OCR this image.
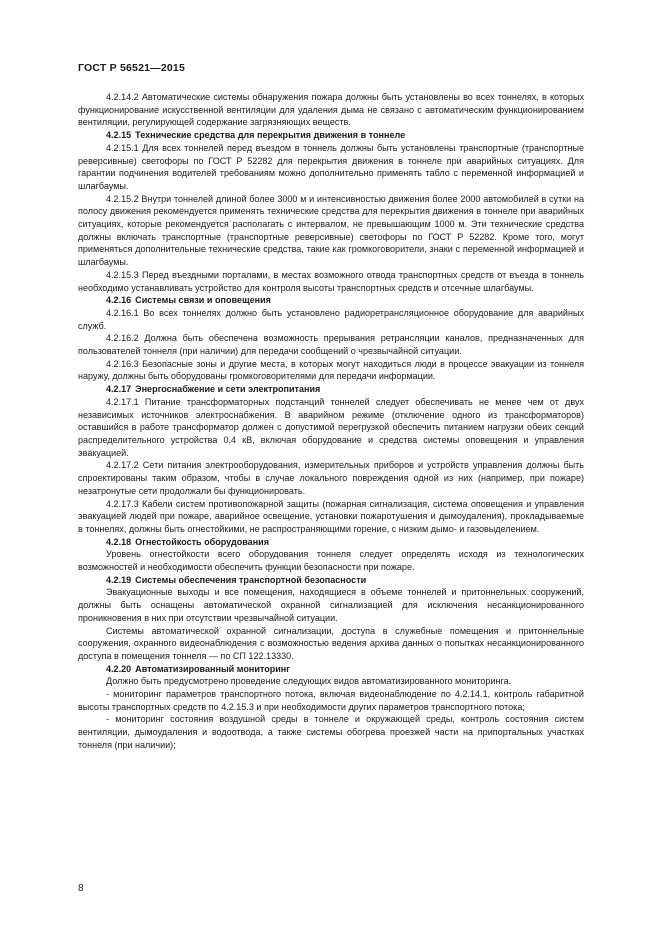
ГОСТ Р 56521—2015
4.2.14.2 Автоматические системы обнаружения пожара должны быть установлены во всех тоннелях, в которых функционирование искусственной вентиляции для удаления дыма не связано с автоматическим функционированием вентиляции, регулирующей содержание загрязняющих веществ.
4.2.15 Технические средства для перекрытия движения в тоннеле
4.2.15.1 Для всех тоннелей перед въездом в тоннель должны быть установлены транспортные (транспортные реверсивные) светофоры по ГОСТ Р 52282 для перекрытия движения в тоннеле при аварийных ситуациях. Для гарантии подчинения водителей требованиям можно дополнительно применять табло с переменной информацией и шлагбаумы.
4.2.15.2 Внутри тоннелей длиной более 3000 м и интенсивностью движения более 2000 автомобилей в сутки на полосу движения рекомендуется применять технические средства для перекрытия движения в тоннеле при аварийных ситуациях, которые рекомендуется располагать с интервалом, не превышающим 1000 м. Эти технические средства должны включать транспортные (транспортные реверсивные) светофоры по ГОСТ Р 52282. Кроме того, могут применяться дополнительные технические средства, такие как громкоговорители, знаки с переменной информацией и шлагбаумы.
4.2.15.3 Перед въездными порталами, в местах возможного отвода транспортных средств от въезда в тоннель необходимо устанавливать устройство для контроля высоты транспортных средств и отсечные шлагбаумы.
4.2.16 Системы связи и оповещения
4.2.16.1 Во всех тоннелях должно быть установлено радиоретрансляционное оборудование для аварийных служб.
4.2.16.2 Должна быть обеспечена возможность прерывания ретрансляции каналов, предназначенных для пользователей тоннеля (при наличии) для передачи сообщений о чрезвычайной ситуации.
4.2.16.3 Безопасные зоны и другие места, в которых могут находиться люди в процессе эвакуации из тоннеля наружу, должны быть оборудованы громкоговорителями для передачи информации.
4.2.17 Энергоснабжение и сети электропитания
4.2.17.1 Питание трансформаторных подстанций тоннелей следует обеспечивать не менее чем от двух независимых источников электроснабжения. В аварийном режиме (отключение одного из трансформаторов) оставшийся в работе трансформатор должен с допустимой перегрузкой обеспечить питанием нагрузки обеих секций распределительного устройства 0,4 кВ, включая оборудование и средства системы оповещения и управления эвакуацией.
4.2.17.2 Сети питания электрооборудования, измерительных приборов и устройств управления должны быть спроектированы таким образом, чтобы в случае локального повреждения одной из них (например, при пожаре) незатронутые сети продолжали бы функционировать.
4.2.17.3 Кабели систем противопожарной защиты (пожарная сигнализация, система оповещения и управления эвакуацией людей при пожаре, аварийное освещение, установки пожаротушения и дымоудаления), прокладываемые в тоннелях, должны быть огнестойкими, не распространяющими горение, с низким дымо- и газовыделением.
4.2.18 Огнестойкость оборудования
Уровень огнестойкости всего оборудования тоннеля следует определять исходя из технологических возможностей и необходимости обеспечить функции безопасности при пожаре.
4.2.19 Системы обеспечения транспортной безопасности
Эвакуационные выходы и все помещения, находящиеся в объеме тоннелей и притоннельных сооружений, должны быть оснащены автоматической охранной сигнализацией для исключения несанкционированного проникновения в них при отсутствии чрезвычайной ситуации.
Системы автоматической охранной сигнализации, доступа в служебные помещения и притоннельные сооружения, охранного видеонаблюдения с возможностью ведения архива данных о попытках несанкционированного доступа в помещения тоннеля — по СП 122.13330.
4.2.20 Автоматизированный мониторинг
Должно быть предусмотрено проведение следующих видов автоматизированного мониторинга.
- мониторинг параметров транспортного потока, включая видеонаблюдение по 4.2.14.1, контроль габаритной высоты транспортных средств по 4.2.15.3 и при необходимости других параметров транспортного потока;
- мониторинг состояния воздушной среды в тоннеле и окружающей среды, контроль состояния систем вентиляции, дымоудаления и водоотвода, а также системы обогрева проезжей части на припортальных участках тоннеля (при наличии);
8
